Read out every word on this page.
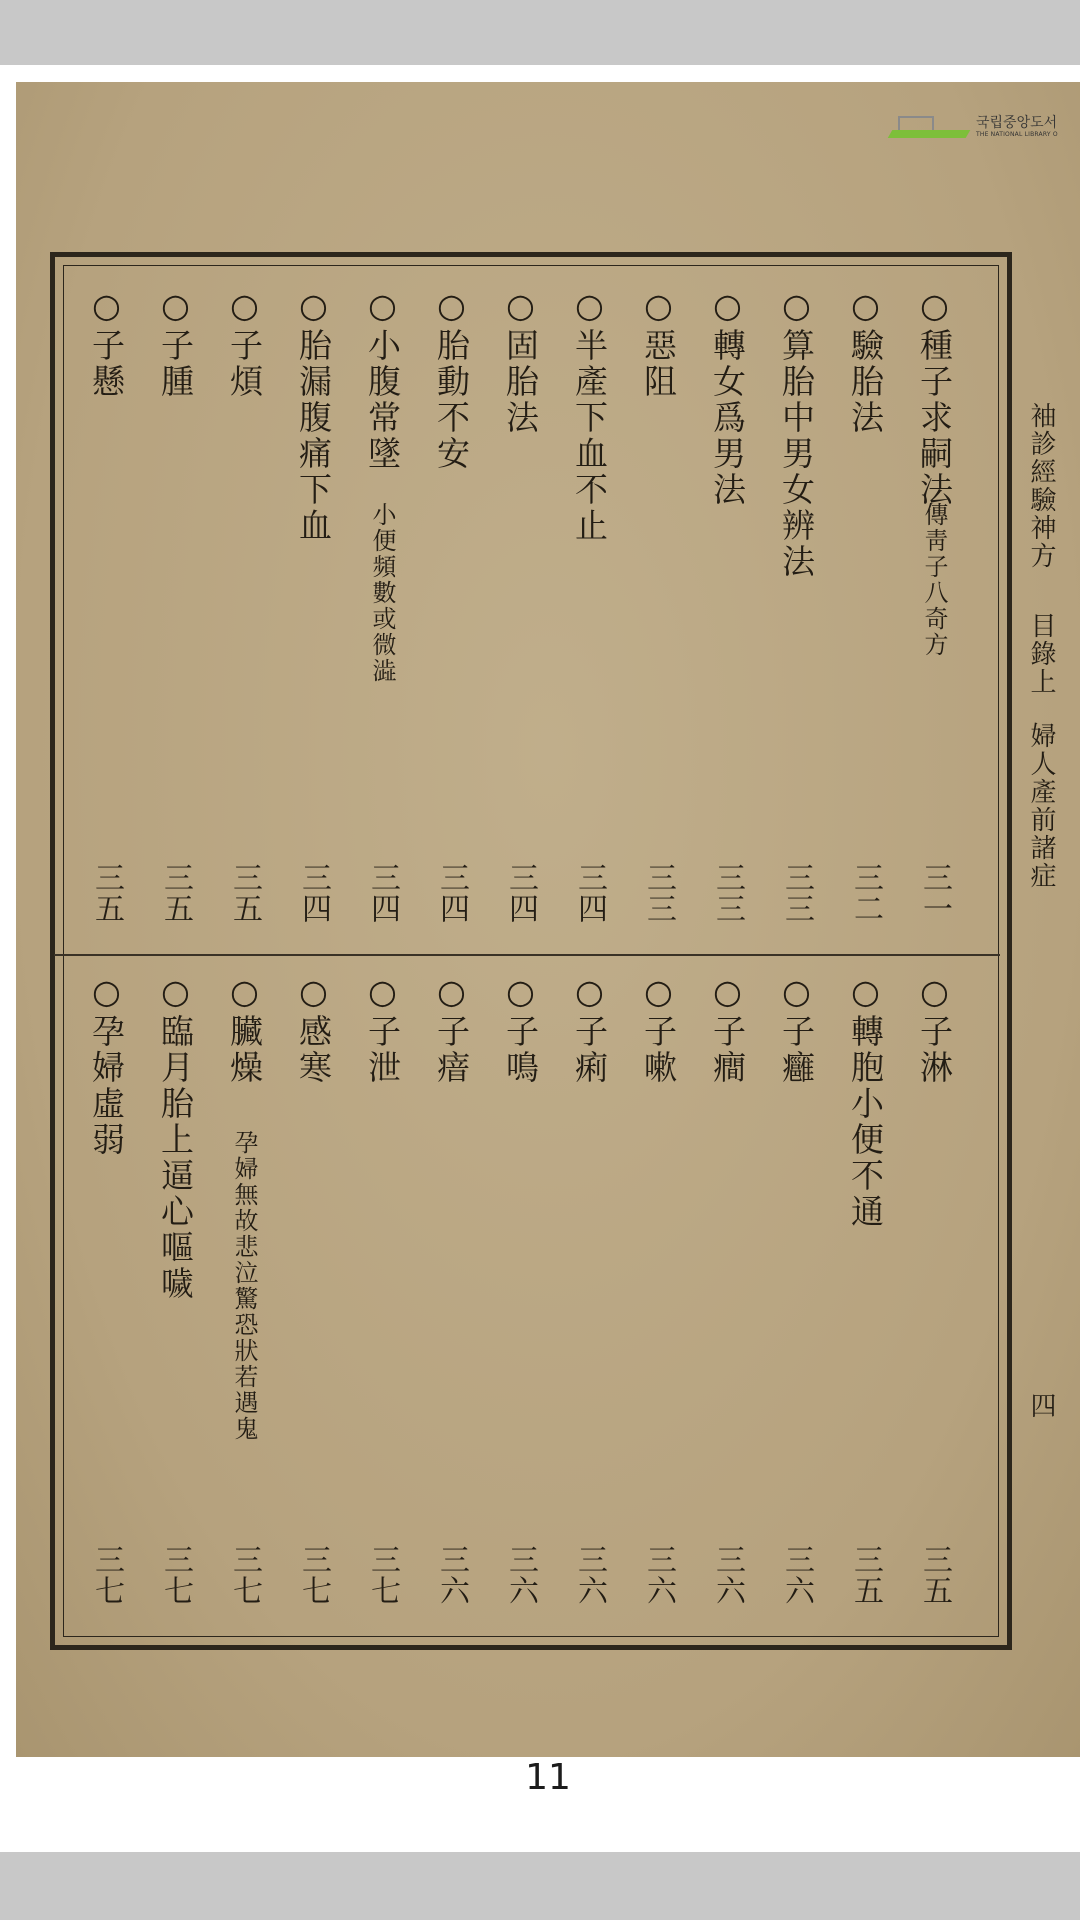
국립중앙도서
THE NATIONAL LIBRARY O
袖診經驗神方
目錄上
婦人產前諸症
四
○種子求嗣法
傳靑子八奇方
三一
○驗胎法
三二
○算胎中男女辨法
三三
○轉女爲男法
三三
○惡阻
三三
○半產下血不止
三四
○固胎法
三四
○胎動不安
三四
○小腹常墜
小便頻數或微澁
三四
○胎漏腹痛下血
三四
○子煩
三五
○子腫
三五
○子懸
三五
○子淋
三五
○轉胞小便不通
三五
○子癰
三六
○子癎
三六
○子嗽
三六
○子痢
三六
○子鳴
三六
○子瘖
三六
○子泄
三七
○感寒
三七
○臟燥
孕婦無故悲泣驚恐狀若遇鬼
三七
○臨月胎上逼心嘔噦
三七
○孕婦虛弱
三七
11
